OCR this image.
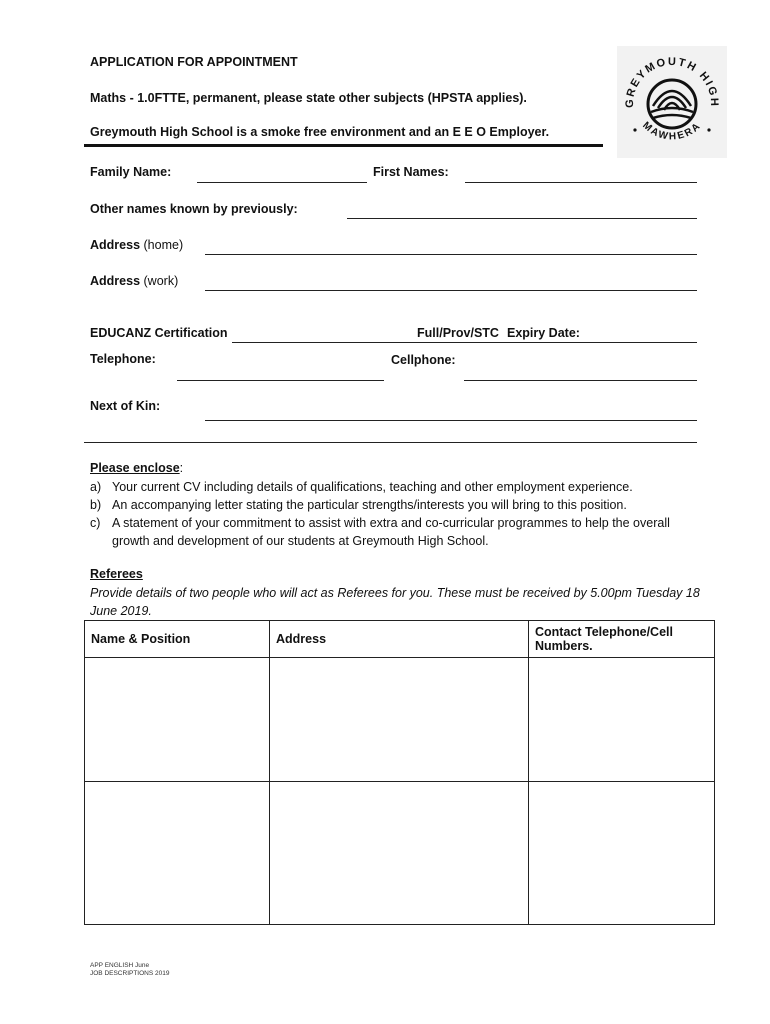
APPLICATION FOR APPOINTMENT
Maths - 1.0FTTE, permanent, please state other subjects (HPSTA applies).
Greymouth High School is a smoke free environment and an E E O Employer.
GREYMOUTH HIGH
MAWHERA
Family Name:	First Names:
Other names known by previously:
Address (home)
Address (work)
EDUCANZ Certification	Full/Prov/STC Expiry Date:
Telephone:	Cellphone:
Next of Kin:
Please enclose:
a) Your current CV including details of qualifications, teaching and other employment experience.
b) An accompanying letter stating the particular strengths/interests you will bring to this position.
c) A statement of your commitment to assist with extra and co-curricular programmes to help the overall growth and development of our students at Greymouth High School.
Referees
Provide details of two people who will act as Referees for you. These must be received by 5.00pm Tuesday 18 June 2019.
Name & Position	Address	Contact Telephone/Cell Numbers.

APP ENGLISH June
JOB DESCRIPTIONS 2019
